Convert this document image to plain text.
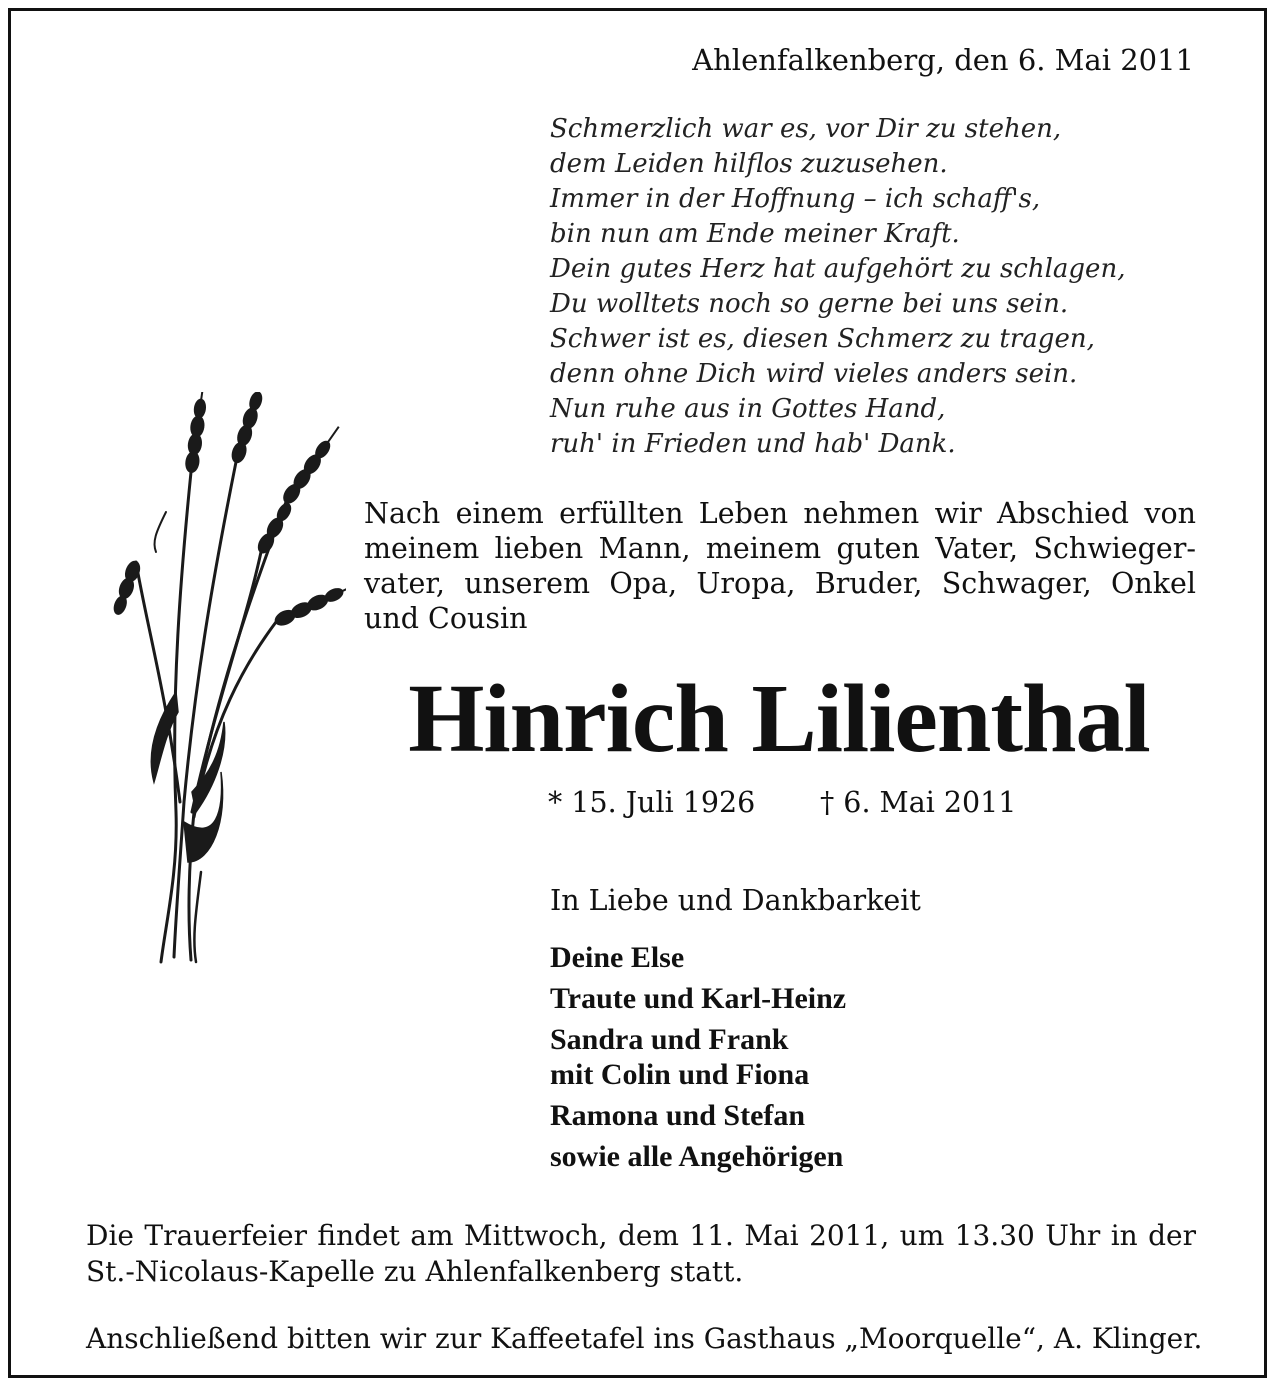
Ahlenfalkenberg, den 6. Mai 2011
Schmerzlich war es, vor Dir zu stehen,
dem Leiden hilflos zuzusehen.
Immer in der Hoffnung – ich schaff's,
bin nun am Ende meiner Kraft.
Dein gutes Herz hat aufgehört zu schlagen,
Du wolltets noch so gerne bei uns sein.
Schwer ist es, diesen Schmerz zu tragen,
denn ohne Dich wird vieles anders sein.
Nun ruhe aus in Gottes Hand,
ruh' in Frieden und hab' Dank.
Nach einem erfüllten Leben nehmen wir Abschied von
meinem lieben Mann, meinem guten Vater, Schwieger-
vater, unserem Opa, Uropa, Bruder, Schwager, Onkel
und Cousin
Hinrich Lilienthal
* 15. Juli 1926 † 6. Mai 2011
In Liebe und Dankbarkeit
Deine Else
Traute und Karl-Heinz
Sandra und Frank
mit Colin und Fiona
Ramona und Stefan
sowie alle Angehörigen
Die Trauerfeier findet am Mittwoch, dem 11. Mai 2011, um 13.30 Uhr in der
St.-Nicolaus-Kapelle zu Ahlenfalkenberg statt.
Anschließend bitten wir zur Kaffeetafel ins Gasthaus „Moorquelle“, A. Klinger.
